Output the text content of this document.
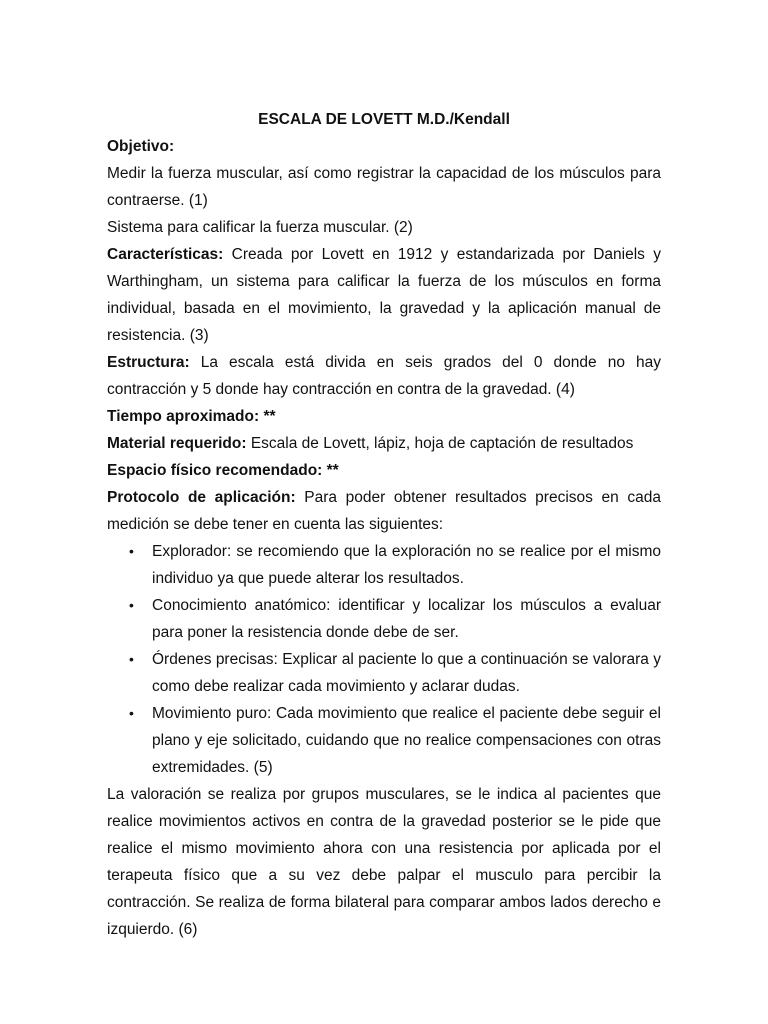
ESCALA DE LOVETT M.D./Kendall

Objetivo:

Medir la fuerza muscular, así como registrar la capacidad de los músculos para contraerse. (1)

Sistema para calificar la fuerza muscular. (2)

Características: Creada por Lovett en 1912 y estandarizada por Daniels y Warthingham, un sistema para calificar la fuerza de los músculos en forma individual, basada en el movimiento, la gravedad y la aplicación manual de resistencia. (3)

Estructura: La escala está divida en seis grados del 0 donde no hay contracción y 5 donde hay contracción en contra de la gravedad. (4)

Tiempo aproximado: **

Material requerido: Escala de Lovett, lápiz, hoja de captación de resultados

Espacio físico recomendado: **

Protocolo de aplicación: Para poder obtener resultados precisos en cada medición se debe tener en cuenta las siguientes:

• Explorador: se recomiendo que la exploración no se realice por el mismo individuo ya que puede alterar los resultados.
• Conocimiento anatómico: identificar y localizar los músculos a evaluar para poner la resistencia donde debe de ser.
• Órdenes precisas: Explicar al paciente lo que a continuación se valorara y como debe realizar cada movimiento y aclarar dudas.
• Movimiento puro: Cada movimiento que realice el paciente debe seguir el plano y eje solicitado, cuidando que no realice compensaciones con otras extremidades. (5)

La valoración se realiza por grupos musculares, se le indica al pacientes que realice movimientos activos en contra de la gravedad posterior se le pide que realice el mismo movimiento ahora con una resistencia por aplicada por el terapeuta físico que a su vez debe palpar el musculo para percibir la contracción. Se realiza de forma bilateral para comparar ambos lados derecho e izquierdo. (6)
